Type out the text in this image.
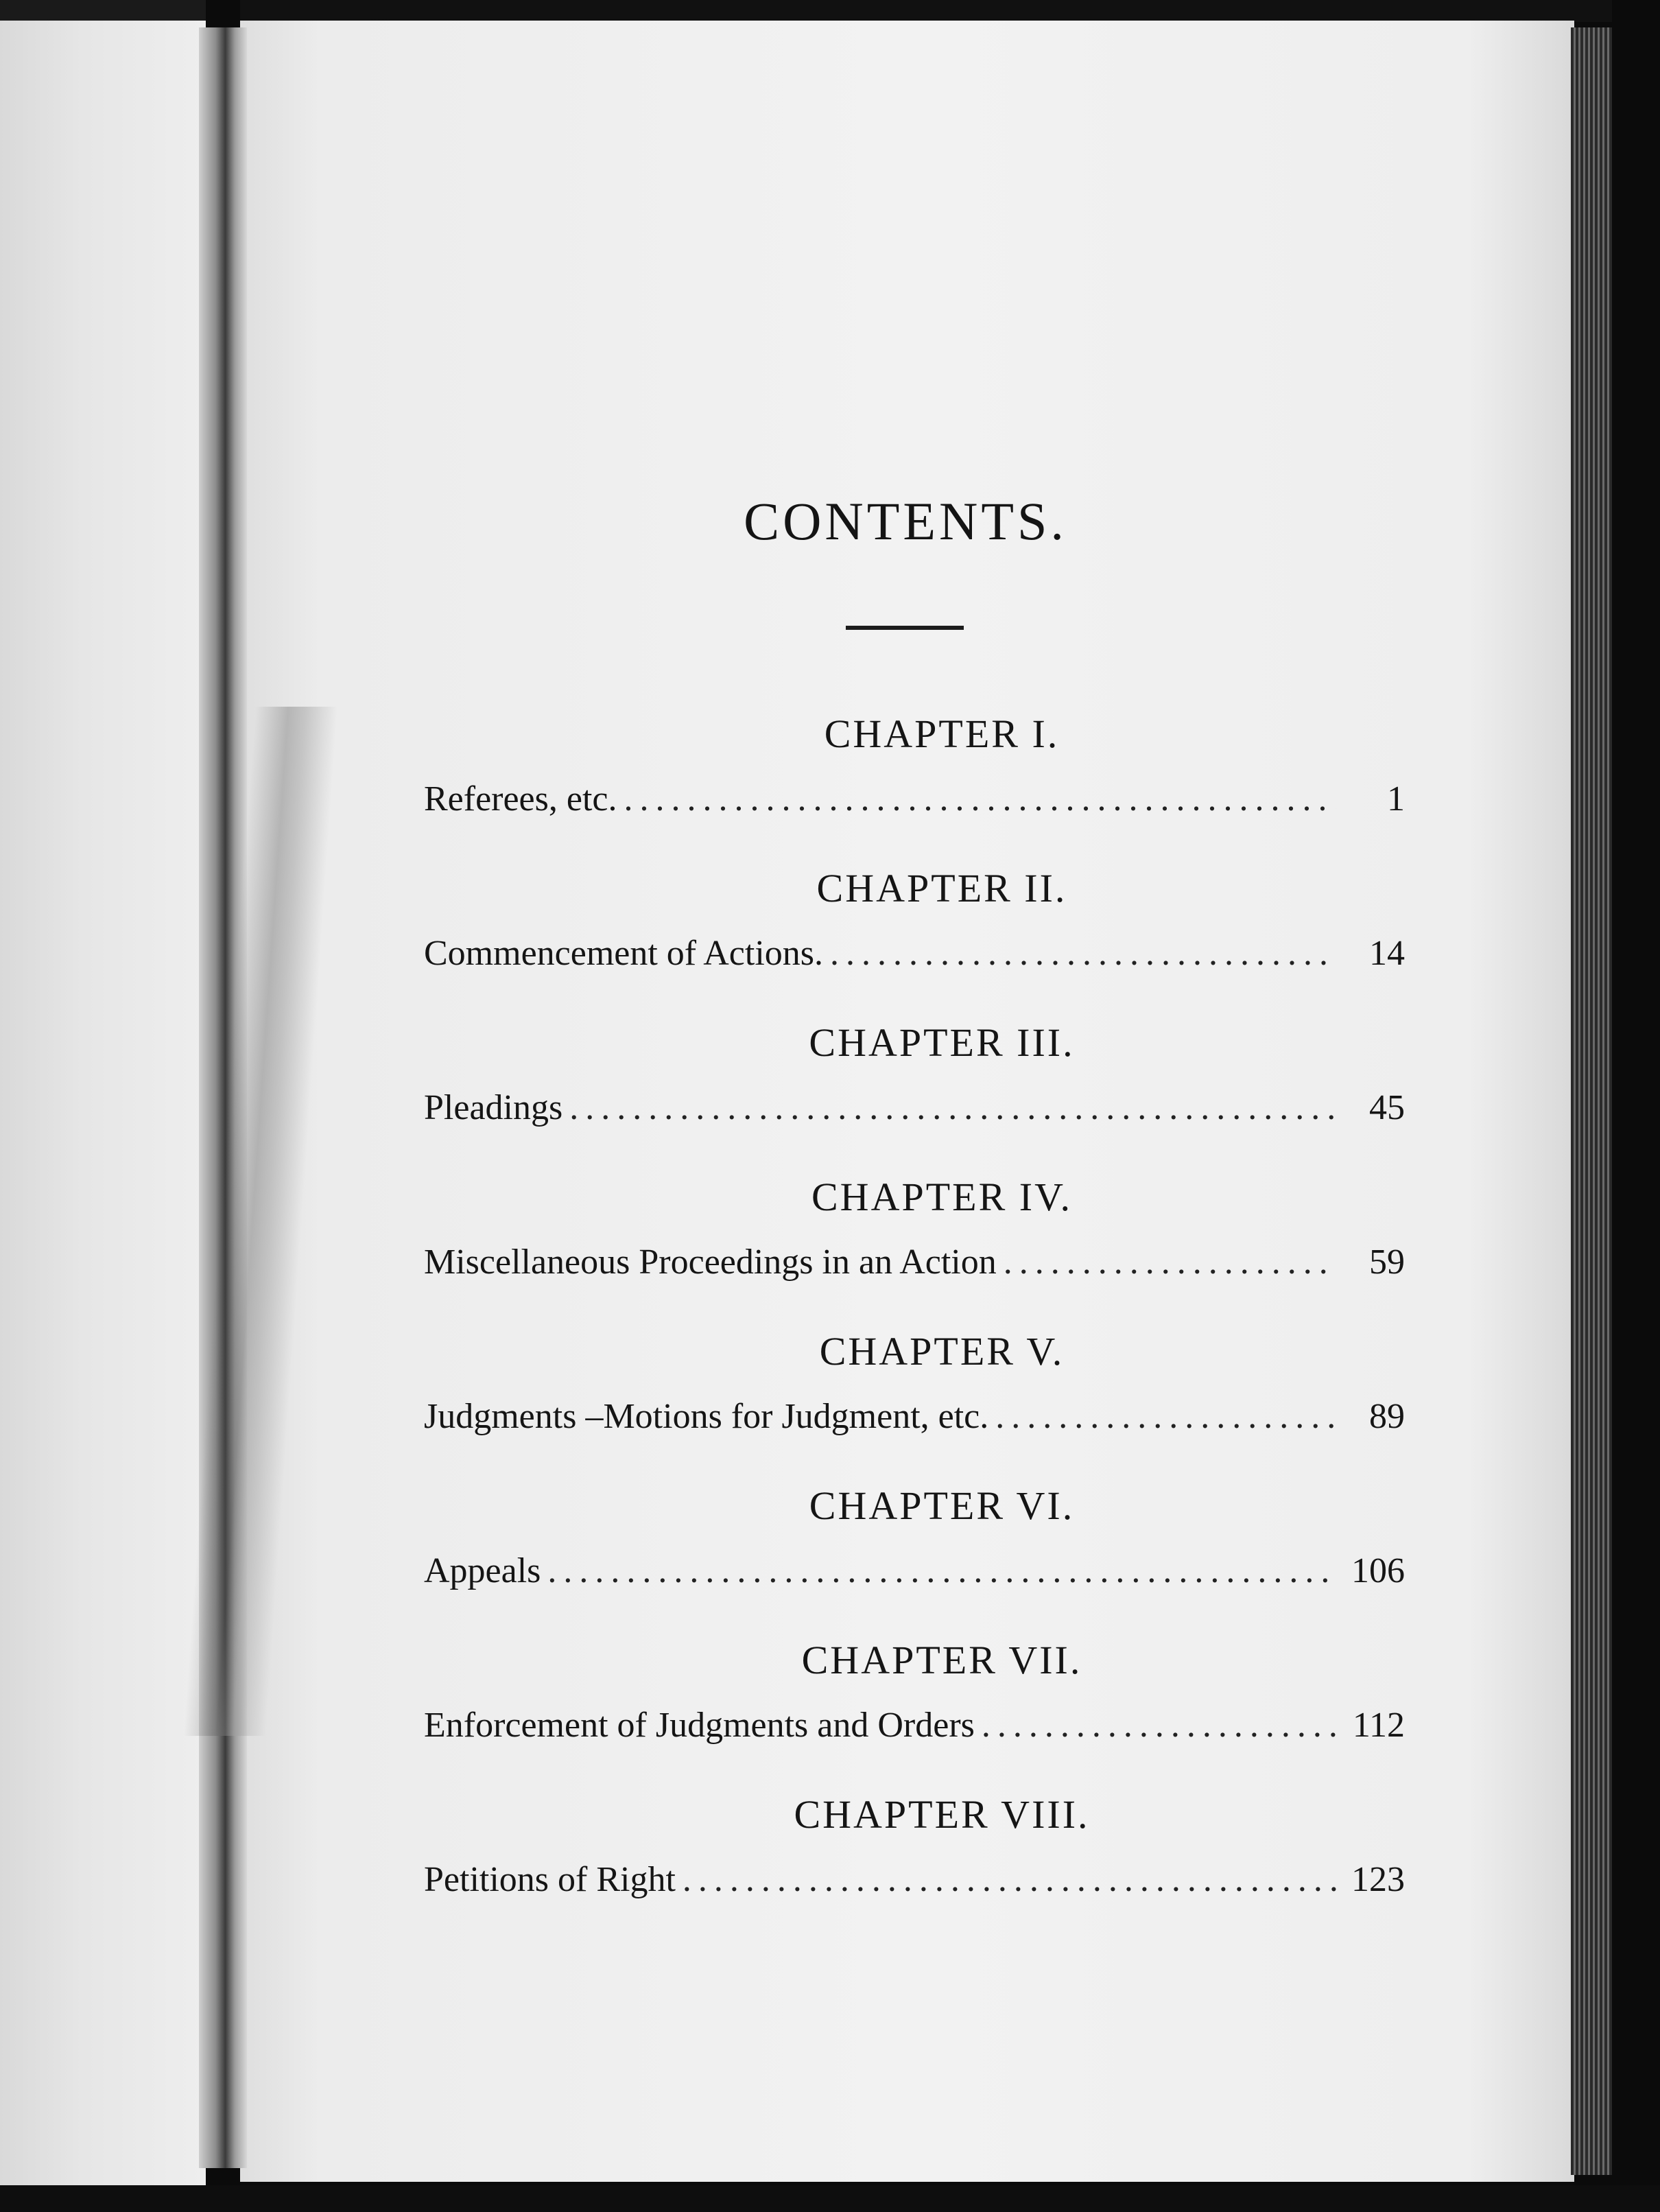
CONTENTS.
CHAPTER I.
Referees, etc. .....	1
CHAPTER II.
Commencement of Actions. .....	14
CHAPTER III.
Pleadings .....	45
CHAPTER IV.
Miscellaneous Proceedings in an Action .....	59
CHAPTER V.
Judgments –Motions for Judgment, etc. .....	89
CHAPTER VI.
Appeals .....	106
CHAPTER VII.
Enforcement of Judgments and Orders .....	112
CHAPTER VIII.
Petitions of Right .....	123
